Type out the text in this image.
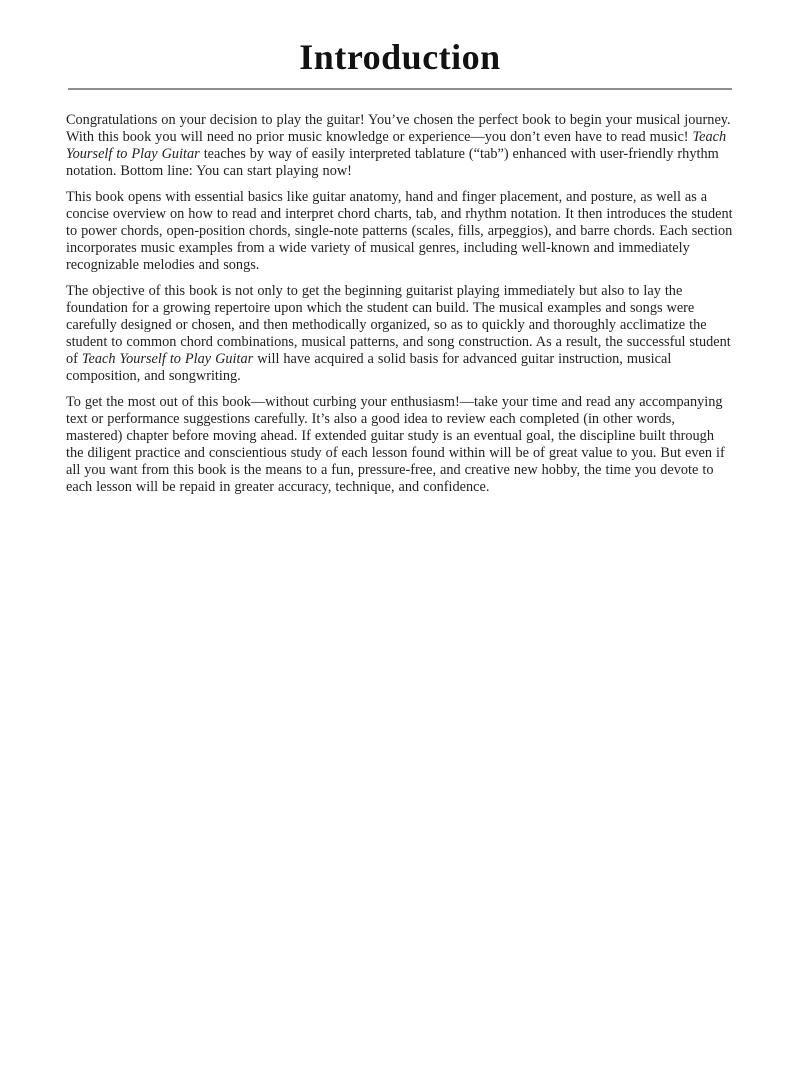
Introduction

Congratulations on your decision to play the guitar! You’ve chosen the perfect book to begin your musical journey. With this book you will need no prior music knowledge or experience—you don’t even have to read music! Teach Yourself to Play Guitar teaches by way of easily interpreted tablature (“tab”) enhanced with user-friendly rhythm notation. Bottom line: You can start playing now!

This book opens with essential basics like guitar anatomy, hand and finger placement, and posture, as well as a concise overview on how to read and interpret chord charts, tab, and rhythm notation. It then introduces the student to power chords, open-position chords, single-note patterns (scales, fills, arpeggios), and barre chords. Each section incorporates music examples from a wide variety of musical genres, including well-known and immediately recognizable melodies and songs.

The objective of this book is not only to get the beginning guitarist playing immediately but also to lay the foundation for a growing repertoire upon which the student can build. The musical examples and songs were carefully designed or chosen, and then methodically organized, so as to quickly and thoroughly acclimatize the student to common chord combinations, musical patterns, and song construction. As a result, the successful student of Teach Yourself to Play Guitar will have acquired a solid basis for advanced guitar instruction, musical composition, and songwriting.

To get the most out of this book—without curbing your enthusiasm!—take your time and read any accompanying text or performance suggestions carefully. It’s also a good idea to review each completed (in other words, mastered) chapter before moving ahead. If extended guitar study is an eventual goal, the discipline built through the diligent practice and conscientious study of each lesson found within will be of great value to you. But even if all you want from this book is the means to a fun, pressure-free, and creative new hobby, the time you devote to each lesson will be repaid in greater accuracy, technique, and confidence.
